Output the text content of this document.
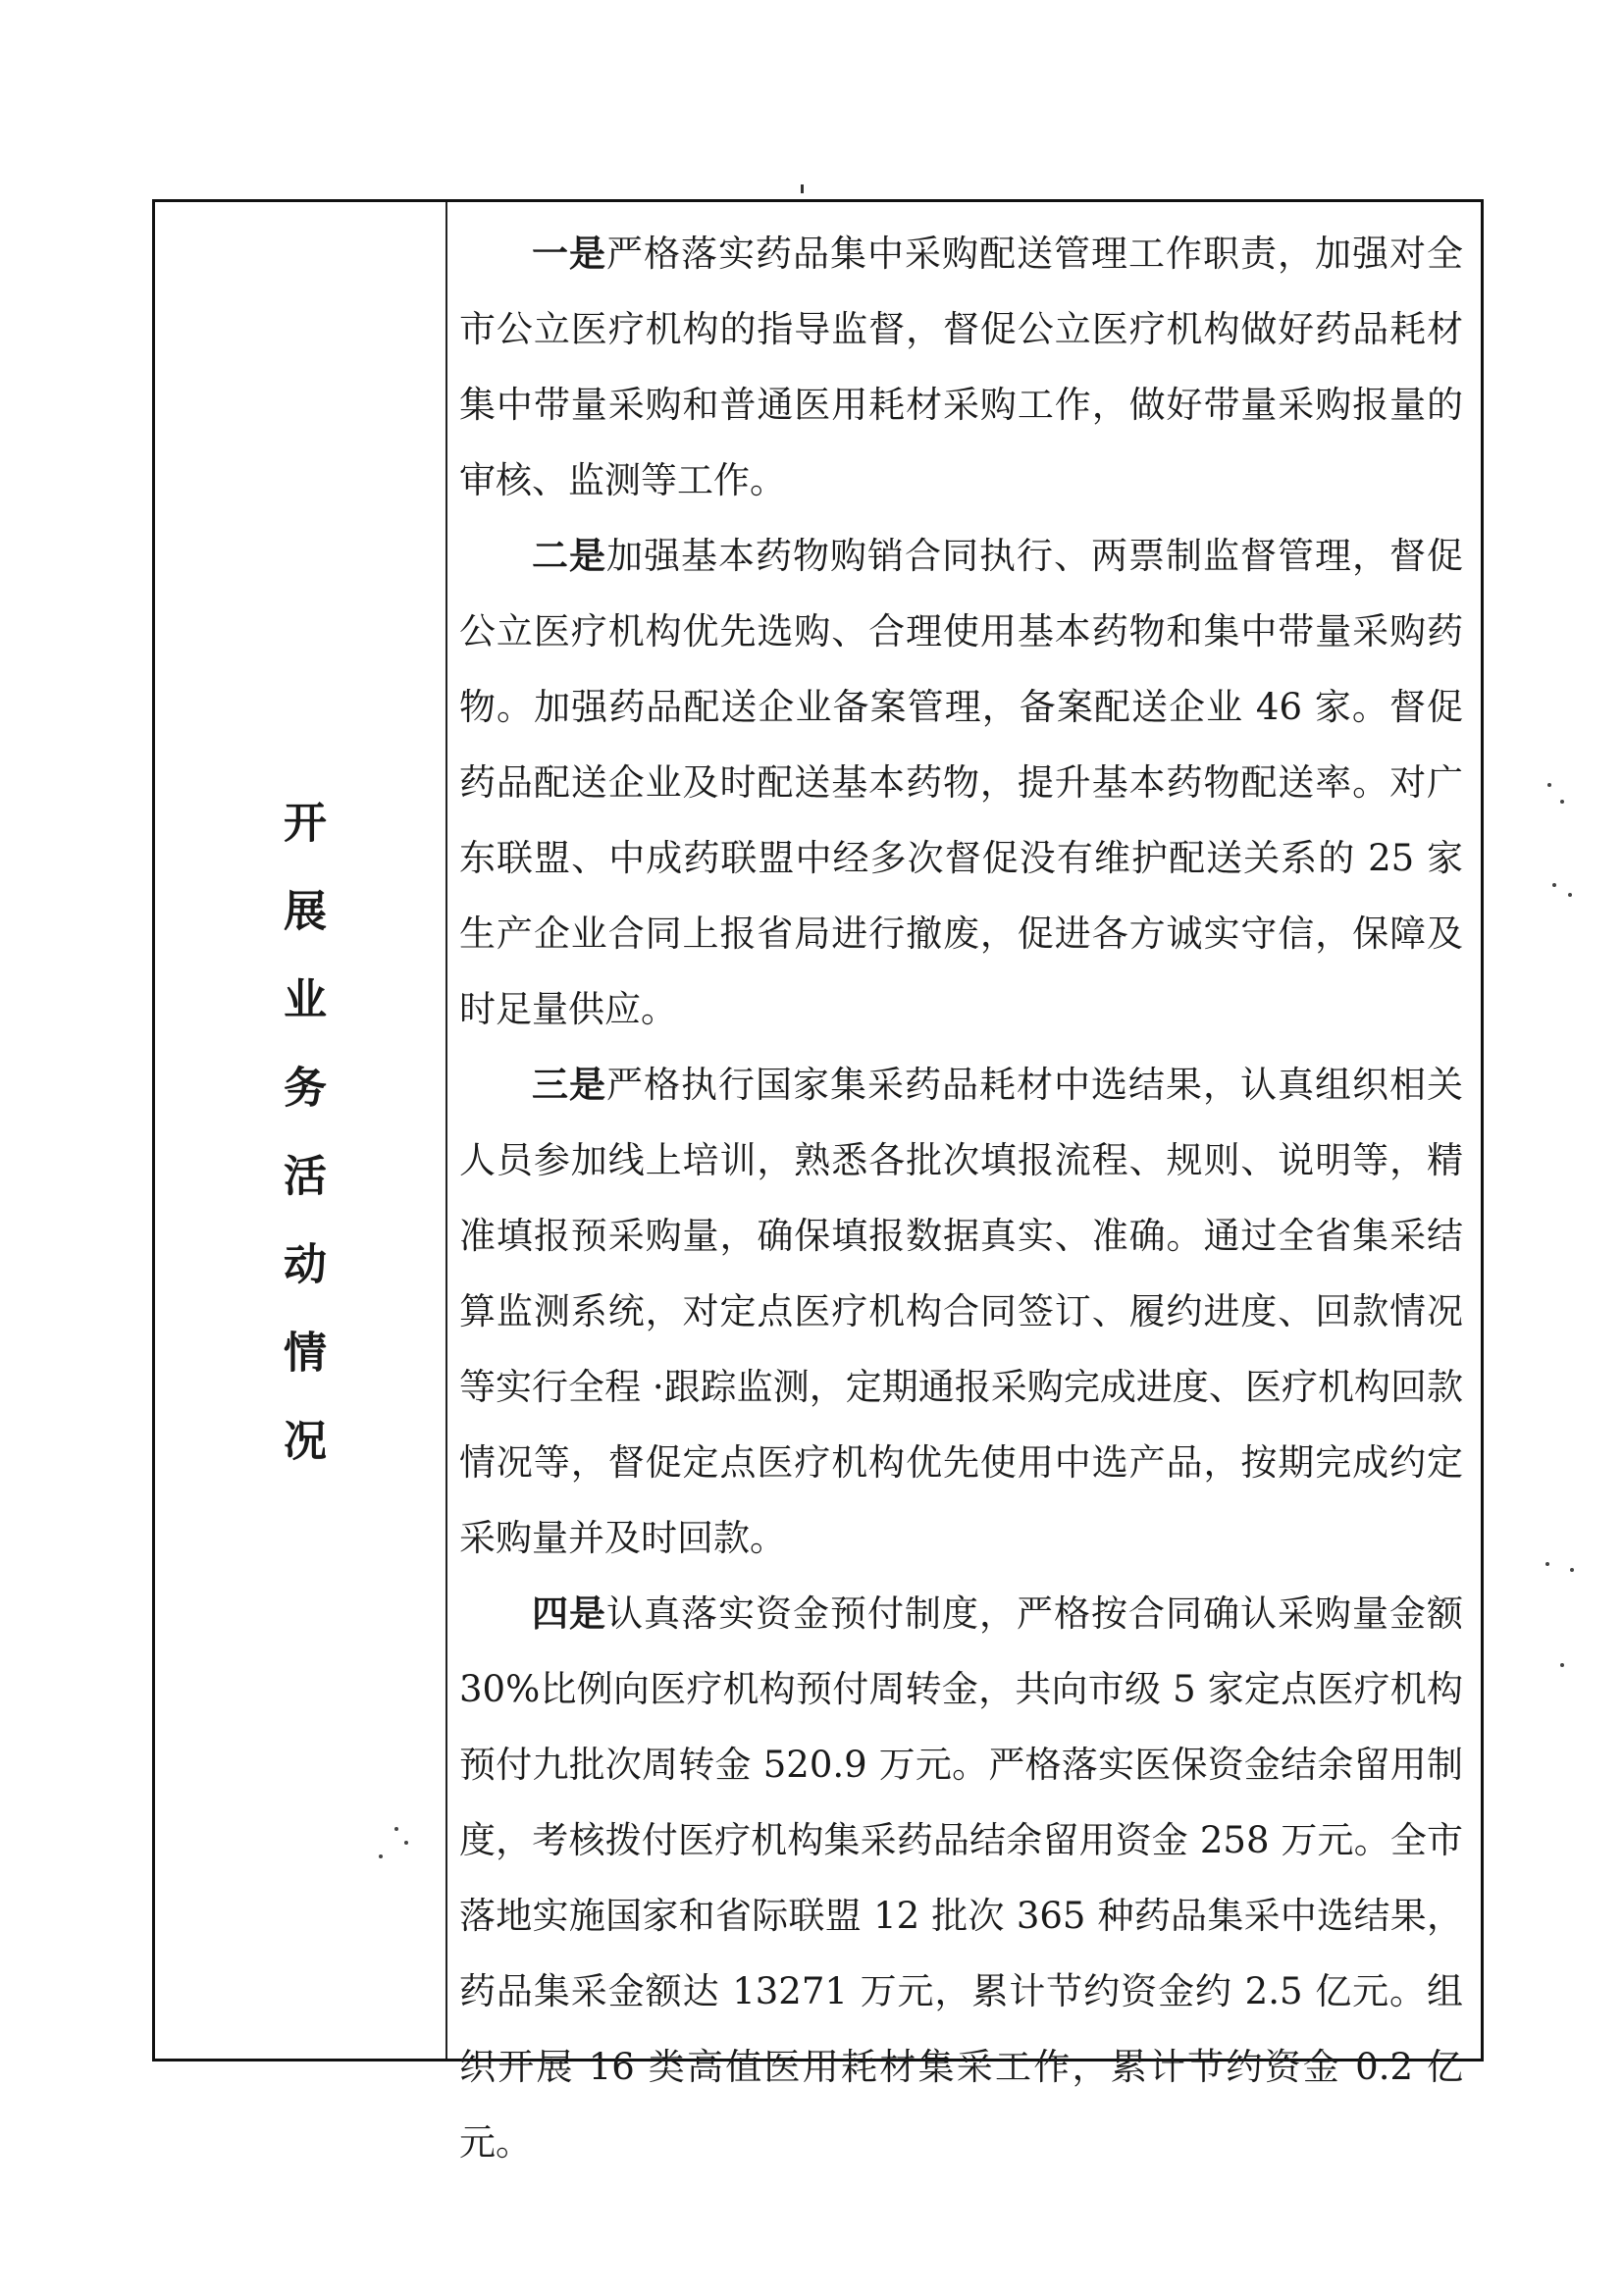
开展业务活动情况

一是严格落实药品集中采购配送管理工作职责，加强对全市公立医疗机构的指导监督，督促公立医疗机构做好药品耗材集中带量采购和普通医用耗材采购工作，做好带量采购报量的审核、监测等工作。

二是加强基本药物购销合同执行、两票制监督管理，督促公立医疗机构优先选购、合理使用基本药物和集中带量采购药物。加强药品配送企业备案管理，备案配送企业 46 家。督促药品配送企业及时配送基本药物，提升基本药物配送率。对广东联盟、中成药联盟中经多次督促没有维护配送关系的 25 家生产企业合同上报省局进行撤废，促进各方诚实守信，保障及时足量供应。

三是严格执行国家集采药品耗材中选结果，认真组织相关人员参加线上培训，熟悉各批次填报流程、规则、说明等，精准填报预采购量，确保填报数据真实、准确。通过全省集采结算监测系统，对定点医疗机构合同签订、履约进度、回款情况等实行全程 ·跟踪监测，定期通报采购完成进度、医疗机构回款情况等，督促定点医疗机构优先使用中选产品，按期完成约定采购量并及时回款。

四是认真落实资金预付制度，严格按合同确认采购量金额 30%比例向医疗机构预付周转金，共向市级 5 家定点医疗机构预付九批次周转金 520.9 万元。严格落实医保资金结余留用制度，考核拨付医疗机构集采药品结余留用资金 258 万元。全市落地实施国家和省际联盟 12 批次 365 种药品集采中选结果，药品集采金额达 13271 万元，累计节约资金约 2.5 亿元。组织开展 16 类高值医用耗材集采工作，累计节约资金 0.2 亿元。
